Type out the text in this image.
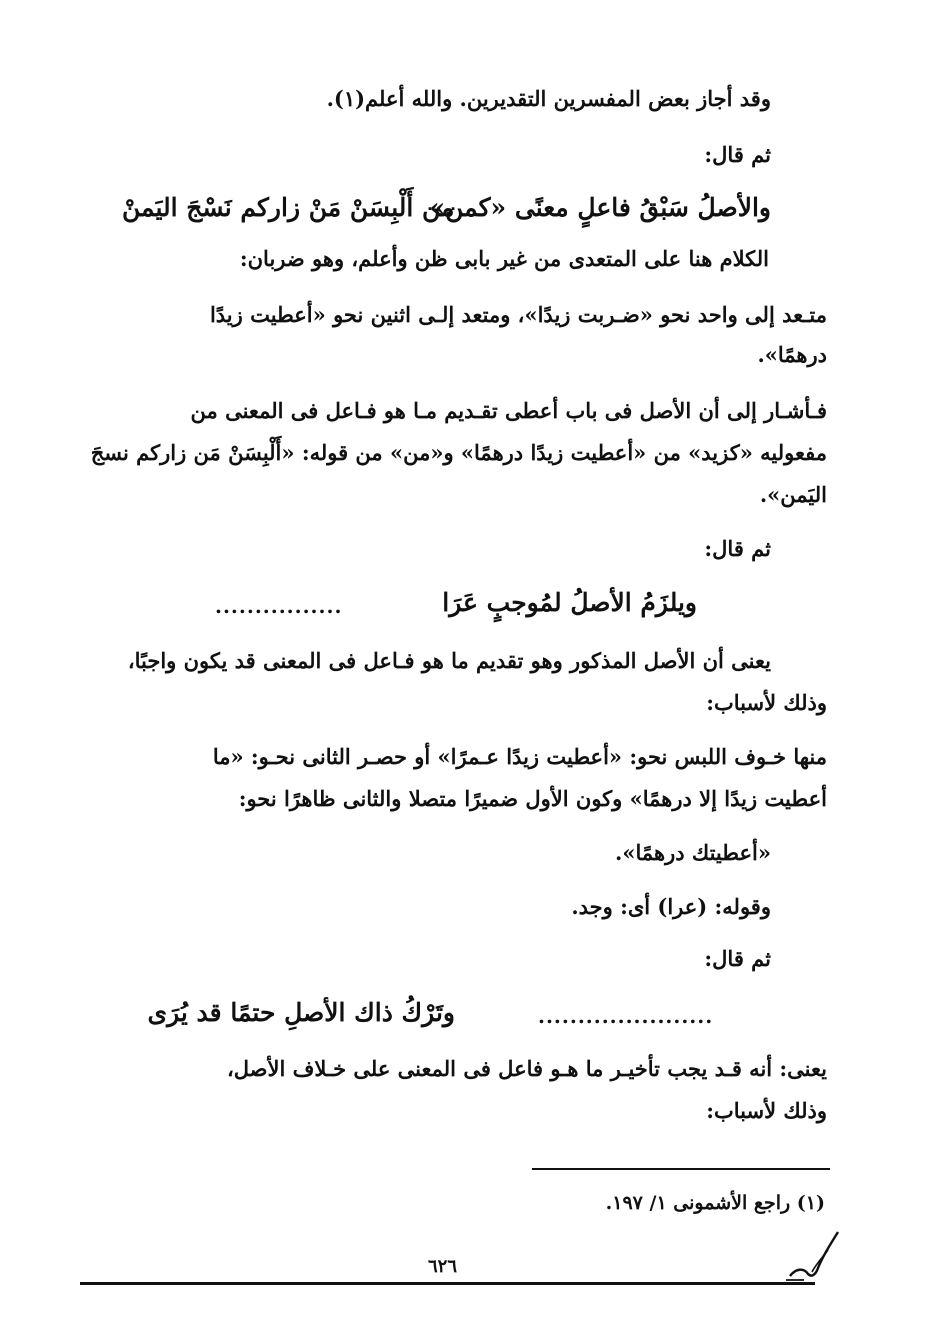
وقد أجاز بعض المفسرين التقديرين. والله أعلم(١).
ثم قال:
والأصلُ سَبْقُ فاعلٍ معنًى «كمن»
من أَلْبِسَنْ مَنْ زاركم نَسْجَ اليَمنْ
الكلام هنا على المتعدى من غير بابى ظن وأعلم، وهو ضربان:
متـعد إلى واحد نحو «ضـربت زيدًا»، ومتعد إلـى اثنين نحو «أعطيت زيدًا
درهمًا».
فـأشـار إلى أن الأصل فى باب أعطى تقـديم مـا هو فـاعل فى المعنى من
مفعوليه «كزيد» من «أعطيت زيدًا درهمًا» و«من» من قوله: «أَلْبِسَنْ مَن زاركم نسجَ
اليَمن».
ثم قال:
ويلزَمُ الأصلُ لمُوجبٍ عَرَا
................
يعنى أن الأصل المذكور وهو تقديم ما هو فـاعل فى المعنى قد يكون واجبًا،
وذلك لأسباب:
منها خـوف اللبس نحو: «أعطيت زيدًا عـمرًا» أو حصـر الثانى نحـو: «ما
أعطيت زيدًا إلا درهمًا» وكون الأول ضميرًا متصلا والثانى ظاهرًا نحو:
«أعطيتك درهمًا».
وقوله: (عرا) أى: وجد.
ثم قال:
وتَرْكُ ذاك الأصلِ حتمًا قد يُرَى	......................
يعنى: أنه قـد يجب تأخيـر ما هـو فاعل فى المعنى على خـلاف الأصل،
وذلك لأسباب:
(١) راجع الأشمونى ١/ ١٩٧.
٦٢٦
